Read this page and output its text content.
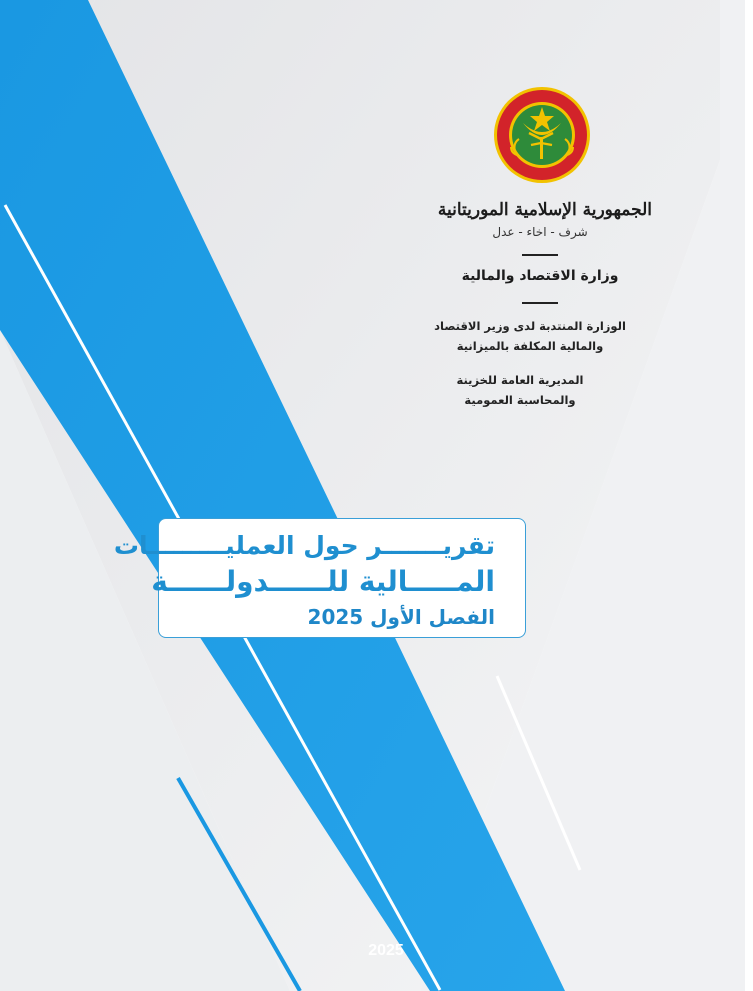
الجمهورية الإسلامية الموريتانية
شرف - اخاء - عدل
وزارة الاقتصاد والمالية
الوزارة المنتدبة لدى وزير الاقتصاد
والمالية المكلفة بالميزانية
المديرية العامة للخزينة
والمحاسبة العمومية
تقريـــــــر حول العمليـــــــــات
المـــــالية للــــــدولــــــة
الفصل الأول 2025
2025
